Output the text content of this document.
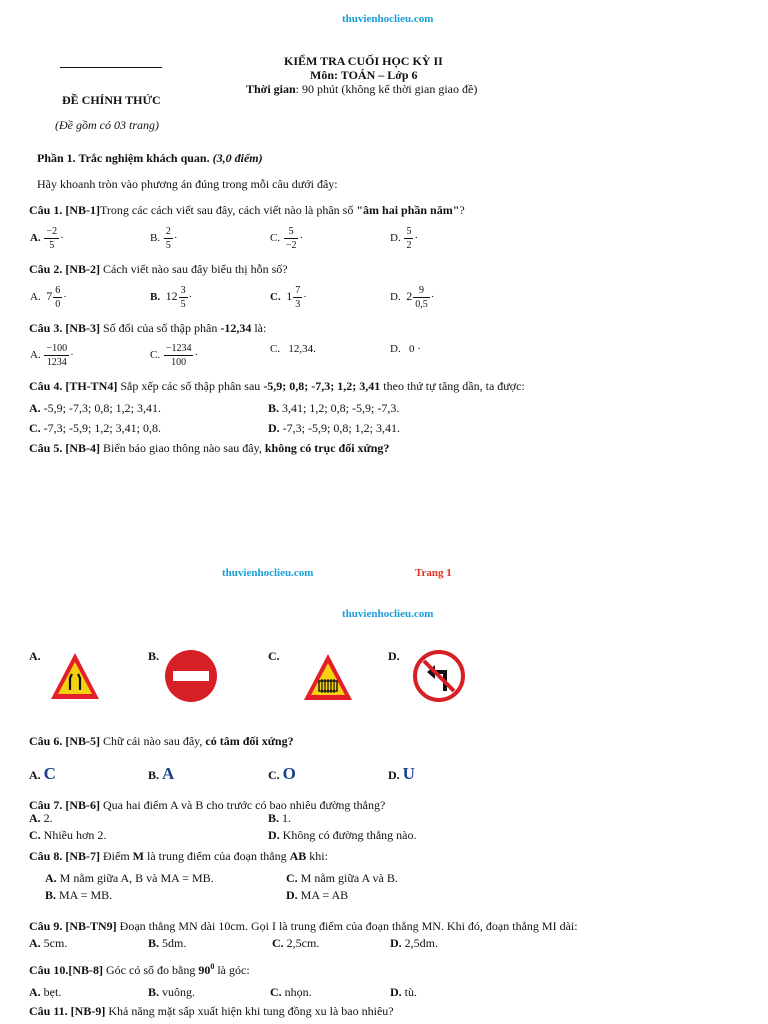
thuvienhoclieu.com
KIỂM TRA CUỐI HỌC KỲ II
Môn: TOÁN – Lớp 6
Thời gian: 90 phút (không kể thời gian giao đề)
ĐỀ CHÍNH THỨC
(Đề gồm có 03 trang)
Phần 1. Trắc nghiệm khách quan. (3,0 điểm)
Hãy khoanh tròn vào phương án đúng trong mỗi câu dưới đây:
Câu 1. [NB-1]Trong các cách viết sau đây, cách viết nào là phân số "âm hai phần năm"?
A. $\frac{-2}{5}$ ·	B. $\frac{2}{5}$ ·	C. $\frac{5}{-2}$ ·	D. $\frac{5}{2}$ ·
Câu 2. [NB-2] Cách viết nào sau đây biểu thị hỗn số?
A. $7 \frac{6}{0}$ ·	B. $12 \frac{3}{5}$ ·	C. $1 \frac{7}{3}$ ·	D. $2 \frac{9}{0,5}$ ·
Câu 3. [NB-3] Số đối của số thập phân -12,34 là:
A. $\frac{-100}{1234}$ ·	C. $\frac{-1234}{100}$ ·
C. 12,34.	D. 0 ·
Câu 4. [TH-TN4] Sắp xếp các số thập phân sau -5,9; 0,8; -7,3; 1,2; 3,41 theo thứ tự tăng dần, ta được:
A. -5,9; -7,3; 0,8; 1,2; 3,41.	B. 3,41; 1,2; 0,8; -5,9; -7,3.
C. -7,3; -5,9; 1,2; 3,41; 0,8.	D. -7,3; -5,9; 0,8; 1,2; 3,41.
Câu 5. [NB-4] Biển báo giao thông nào sau đây, không có trục đối xứng?
thuvienhoclieu.com	Trang 1
thuvienhoclieu.com
A.	B.	C.	D.
Câu 6. [NB-5] Chữ cái nào sau đây, có tâm đối xứng?
A. C	B. A	C. O	D. U
Câu 7. [NB-6] Qua hai điểm A và B cho trước có bao nhiêu đường thẳng?
A. 2.	B. 1.
C. Nhiều hơn 2.	D. Không có đường thẳng nào.
Câu 8. [NB-7] Điểm M là trung điểm của đoạn thẳng AB khi:
A. M nằm giữa A, B và MA = MB.	C. M nằm giữa A và B.
B. MA = MB.	D. MA = AB
Câu 9. [NB-TN9] Đoạn thẳng MN dài 10cm. Gọi I là trung điểm của đoạn thẳng MN. Khi đó, đoạn thẳng MI dài:
A. 5cm.	B. 5dm.	C. 2,5cm.	D. 2,5dm.
Câu 10.[NB-8] Góc có số đo bằng $90^0$ là góc:
A. bẹt.	B. vuông.	C. nhọn.	D. tù.
Câu 11. [NB-9] Khả năng mặt sấp xuất hiện khi tung đồng xu là bao nhiêu?
